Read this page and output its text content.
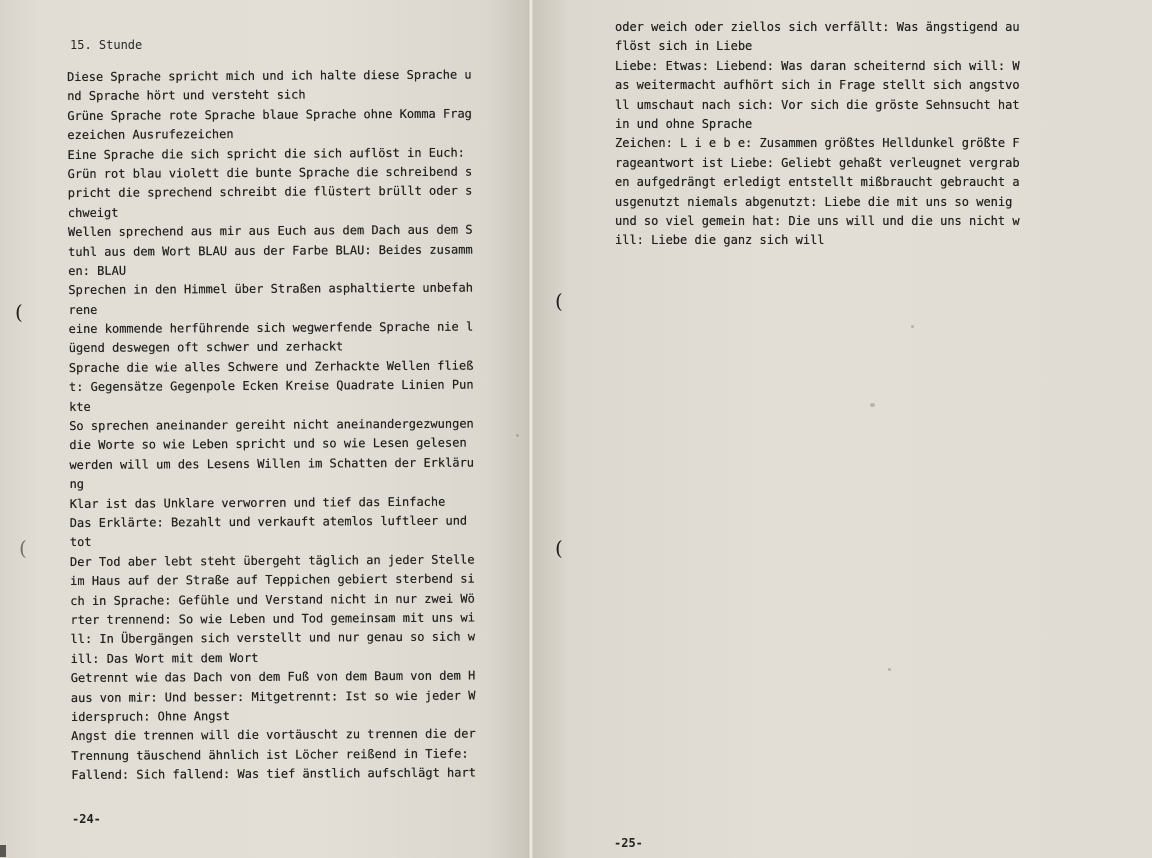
15. Stunde
Diese Sprache spricht mich und ich halte diese Sprache u
nd Sprache hört und versteht sich
Grüne Sprache rote Sprache blaue Sprache ohne Komma Frag
ezeichen Ausrufezeichen
Eine Sprache die sich spricht die sich auflöst in Euch:
Grün rot blau violett die bunte Sprache die schreibend s
pricht die sprechend schreibt die flüstert brüllt oder s
chweigt
Wellen sprechend aus mir aus Euch aus dem Dach aus dem S
tuhl aus dem Wort BLAU aus der Farbe BLAU: Beides zusamm
en: BLAU
Sprechen in den Himmel über Straßen asphaltierte unbefah
rene
eine kommende herführende sich wegwerfende Sprache nie l
ügend deswegen oft schwer und zerhackt
Sprache die wie alles Schwere und Zerhackte Wellen fließ
t: Gegensätze Gegenpole Ecken Kreise Quadrate Linien Pun
kte
So sprechen aneinander gereiht nicht aneinandergezwungen
die Worte so wie Leben spricht und so wie Lesen gelesen
werden will um des Lesens Willen im Schatten der Erkläru
ng
Klar ist das Unklare verworren und tief das Einfache
Das Erklärte: Bezahlt und verkauft atemlos luftleer und
tot
Der Tod aber lebt steht übergeht täglich an jeder Stelle
im Haus auf der Straße auf Teppichen gebiert sterbend si
ch in Sprache: Gefühle und Verstand nicht in nur zwei Wö
rter trennend: So wie Leben und Tod gemeinsam mit uns wi
ll: In Übergängen sich verstellt und nur genau so sich w
ill: Das Wort mit dem Wort
Getrennt wie das Dach von dem Fuß von dem Baum von dem H
aus von mir: Und besser: Mitgetrennt: Ist so wie jeder W
iderspruch: Ohne Angst
Angst die trennen will die vortäuscht zu trennen die der
Trennung täuschend ähnlich ist Löcher reißend in Tiefe:
Fallend: Sich fallend: Was tief änstlich aufschlägt hart
-24-
(
(
oder weich oder ziellos sich verfällt: Was ängstigend au
flöst sich in Liebe
Liebe: Etwas: Liebend: Was daran scheiternd sich will: W
as weitermacht aufhört sich in Frage stellt sich angstvo
ll umschaut nach sich: Vor sich die gröste Sehnsucht hat
in und ohne Sprache
Zeichen: L i e b e: Zusammen größtes Helldunkel größte F
rageantwort ist Liebe: Geliebt gehaßt verleugnet vergrab
en aufgedrängt erledigt entstellt mißbraucht gebraucht a
usgenutzt niemals abgenutzt: Liebe die mit uns so wenig
und so viel gemein hat: Die uns will und die uns nicht w
ill: Liebe die ganz sich will
-25-
(
(
